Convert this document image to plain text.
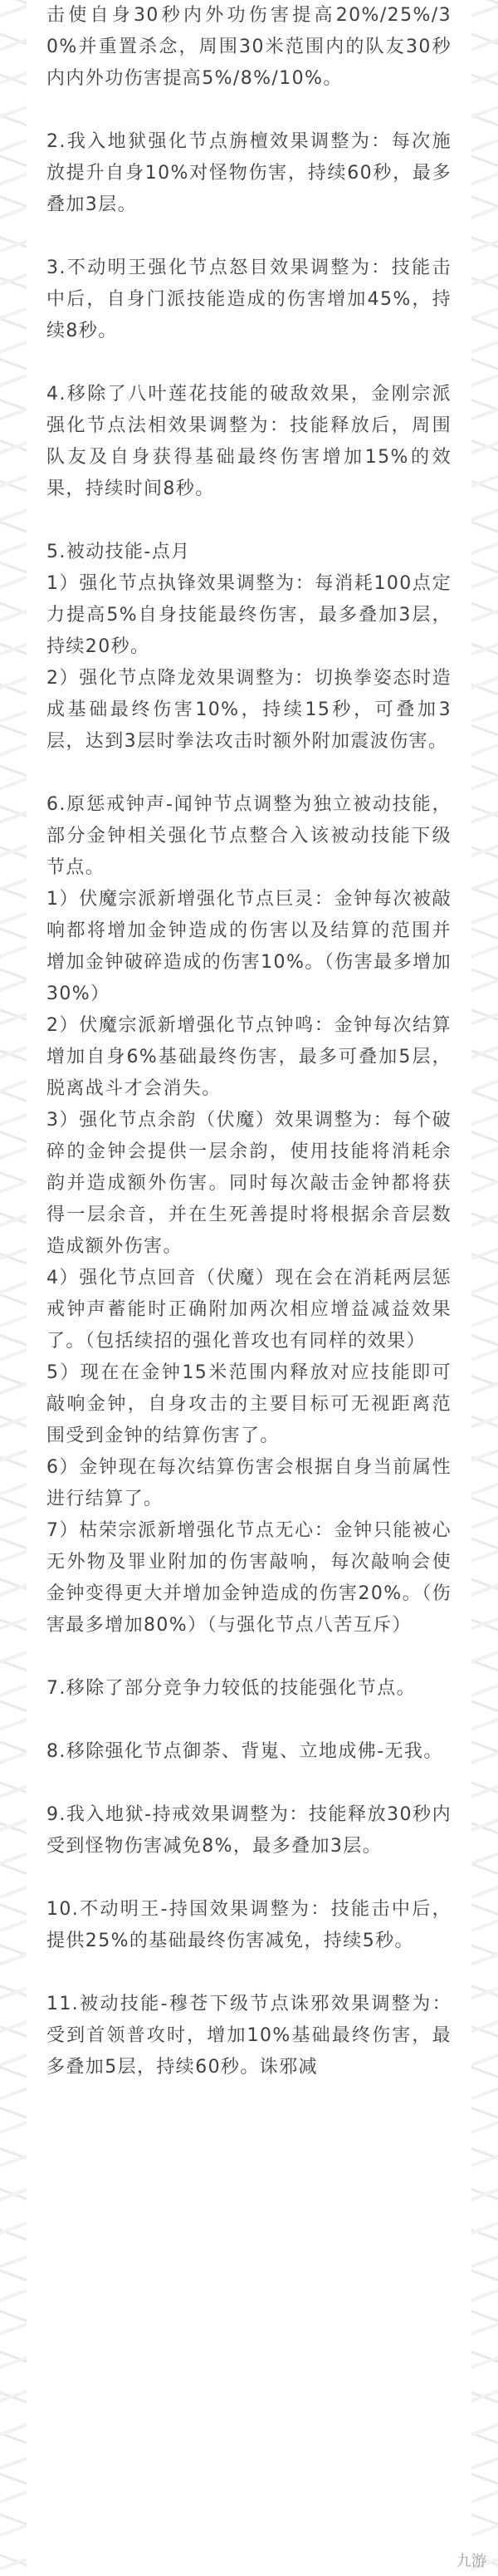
击使自身30秒内外功伤害提高20%/25%/30%并重置杀念，周围30米范围内的队友30秒内内外功伤害提高5%/8%/10%。

2.我入地狱强化节点旃檀效果调整为：每次施放提升自身10%对怪物伤害，持续60秒，最多叠加3层。

3.不动明王强化节点怒目效果调整为：技能击中后，自身门派技能造成的伤害增加45%，持续8秒。

4.移除了八叶莲花技能的破敌效果，金刚宗派强化节点法相效果调整为：技能释放后，周围队友及自身获得基础最终伤害增加15%的效果，持续时间8秒。

5.被动技能-点月
1）强化节点执锋效果调整为：每消耗100点定力提高5%自身技能最终伤害，最多叠加3层，持续20秒。
2）强化节点降龙效果调整为：切换拳姿态时造成基础最终伤害10%，持续15秒，可叠加3层，达到3层时拳法攻击时额外附加震波伤害。

6.原惩戒钟声-闻钟节点调整为独立被动技能，部分金钟相关强化节点整合入该被动技能下级节点。
1）伏魔宗派新增强化节点巨灵：金钟每次被敲响都将增加金钟造成的伤害以及结算的范围并增加金钟破碎造成的伤害10%。（伤害最多增加30%）
2）伏魔宗派新增强化节点钟鸣：金钟每次结算增加自身6%基础最终伤害，最多可叠加5层，脱离战斗才会消失。
3）强化节点余韵（伏魔）效果调整为：每个破碎的金钟会提供一层余韵，使用技能将消耗余韵并造成额外伤害。同时每次敲击金钟都将获得一层余音，并在生死善提时将根据余音层数造成额外伤害。
4）强化节点回音（伏魔）现在会在消耗两层惩戒钟声蓄能时正确附加两次相应增益减益效果了。（包括续招的强化普攻也有同样的效果）
5）现在在金钟15米范围内释放对应技能即可敲响金钟，自身攻击的主要目标可无视距离范围受到金钟的结算伤害了。
6）金钟现在每次结算伤害会根据自身当前属性进行结算了。
7）枯荣宗派新增强化节点无心：金钟只能被心无外物及罪业附加的伤害敲响，每次敲响会使金钟变得更大并增加金钟造成的伤害20%。（伤害最多增加80%）（与强化节点八苦互斥）

7.移除了部分竞争力较低的技能强化节点。

8.移除强化节点御荼、背嵬、立地成佛-无我。

9.我入地狱-持戒效果调整为：技能释放30秒内受到怪物伤害减免8%，最多叠加3层。

10.不动明王-持国效果调整为：技能击中后，提供25%的基础最终伤害减免，持续5秒。

11.被动技能-穆苍下级节点诛邪效果调整为：受到首领普攻时，增加10%基础最终伤害，最多叠加5层，持续60秒。诛邪减

九游
